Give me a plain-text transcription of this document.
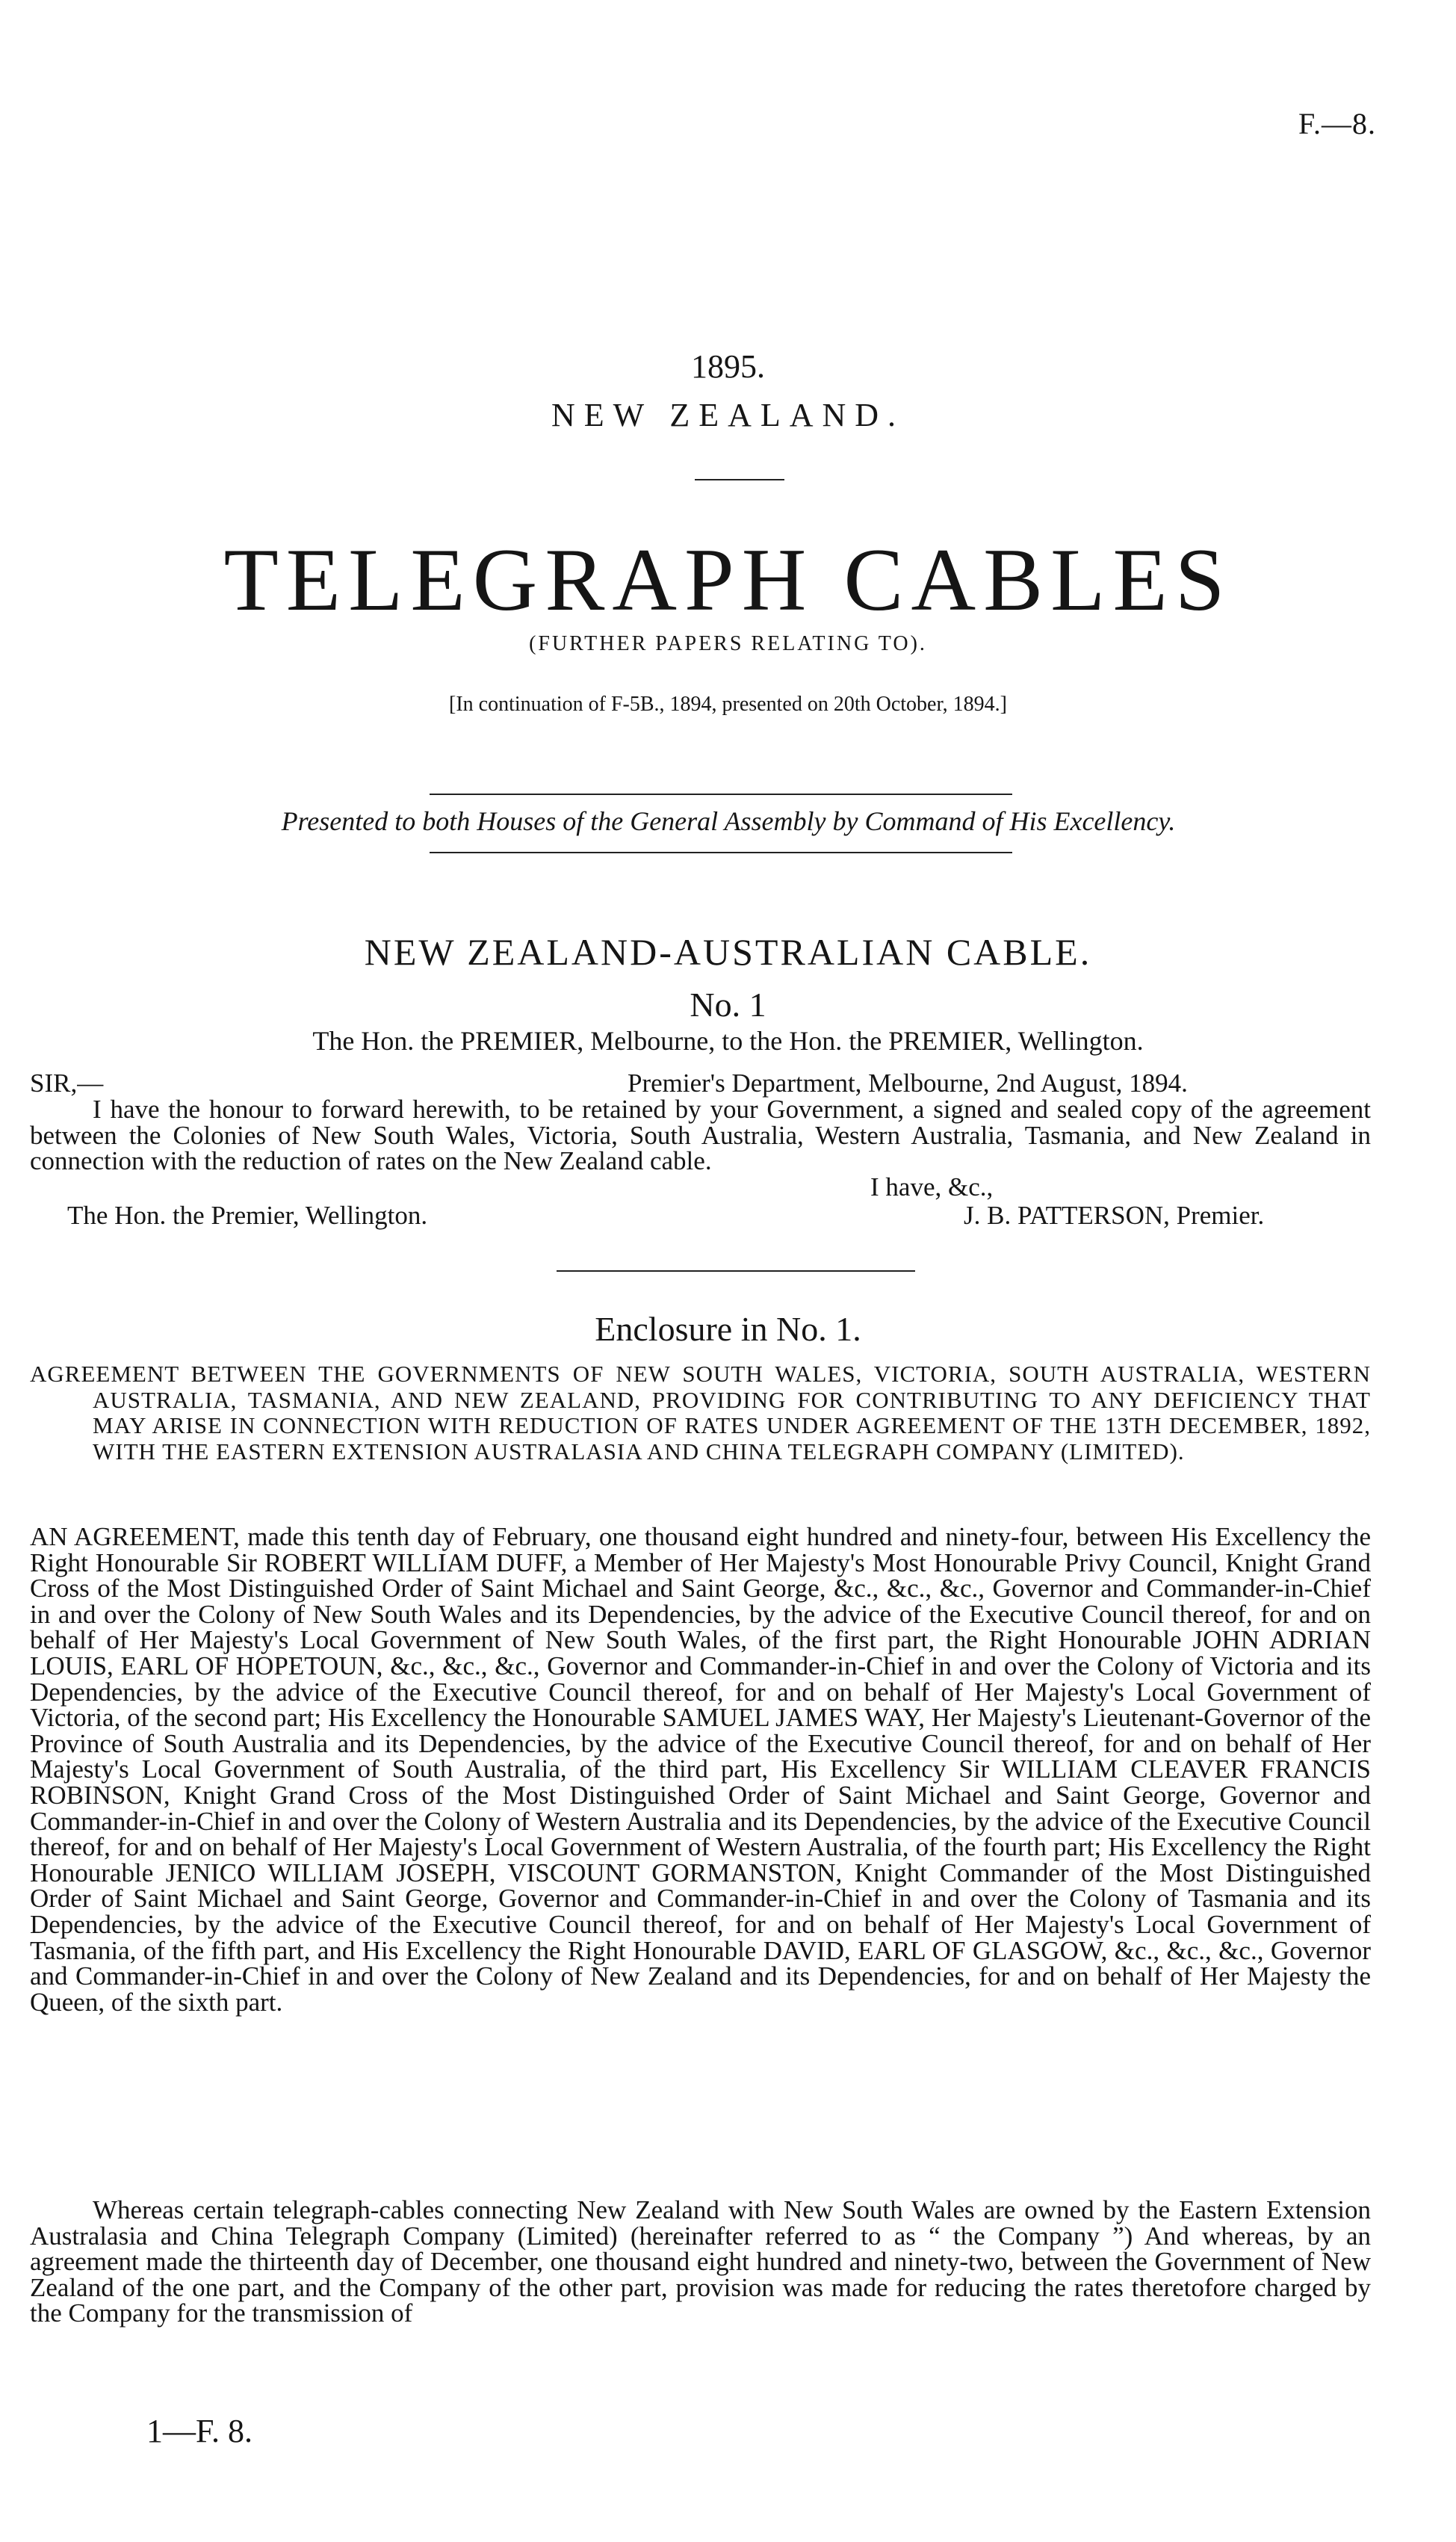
F.—8.
1895.
NEW ZEALAND.
TELEGRAPH CABLES
(FURTHER PAPERS RELATING TO).
[In continuation of F-5B., 1894, presented on 20th October, 1894.]
Presented to both Houses of the General Assembly by Command of His Excellency.
NEW ZEALAND-AUSTRALIAN CABLE.
No. 1
The Hon. the PREMIER, Melbourne, to the Hon. the PREMIER, Wellington.
SIR,—	Premier's Department, Melbourne, 2nd August, 1894.
I have the honour to forward herewith, to be retained by your Government, a signed and sealed copy of the agreement between the Colonies of New South Wales, Victoria, South Australia, Western Australia, Tasmania, and New Zealand in connection with the reduction of rates on the New Zealand cable.
I have, &c.,
The Hon. the Premier, Wellington.	J. B. PATTERSON, Premier.
Enclosure in No. 1.
AGREEMENT BETWEEN THE GOVERNMENTS OF NEW SOUTH WALES, VICTORIA, SOUTH AUSTRALIA, WESTERN AUSTRALIA, TASMANIA, AND NEW ZEALAND, PROVIDING FOR CONTRIBUTING TO ANY DEFICIENCY THAT MAY ARISE IN CONNECTION WITH REDUCTION OF RATES UNDER AGREEMENT OF THE 13TH DECEMBER, 1892, WITH THE EASTERN EXTENSION AUSTRALASIA AND CHINA TELEGRAPH COMPANY (LIMITED).
AN AGREEMENT, made this tenth day of February, one thousand eight hundred and ninety-four, between His Excellency the Right Honourable Sir ROBERT WILLIAM DUFF, a Member of Her Majesty's Most Honourable Privy Council, Knight Grand Cross of the Most Distinguished Order of Saint Michael and Saint George, &c., &c., &c., Governor and Commander-in-Chief in and over the Colony of New South Wales and its Dependencies, by the advice of the Executive Council thereof, for and on behalf of Her Majesty's Local Government of New South Wales, of the first part, the Right Honourable JOHN ADRIAN LOUIS, EARL OF HOPETOUN, &c., &c., &c., Governor and Commander-in-Chief in and over the Colony of Victoria and its Dependencies, by the advice of the Executive Council thereof, for and on behalf of Her Majesty's Local Government of Victoria, of the second part; His Excellency the Honourable SAMUEL JAMES WAY, Her Majesty's Lieutenant-Governor of the Province of South Australia and its Dependencies, by the advice of the Executive Council thereof, for and on behalf of Her Majesty's Local Government of South Australia, of the third part, His Excellency Sir WILLIAM CLEAVER FRANCIS ROBINSON, Knight Grand Cross of the Most Distinguished Order of Saint Michael and Saint George, Governor and Commander-in-Chief in and over the Colony of Western Australia and its Dependencies, by the advice of the Executive Council thereof, for and on behalf of Her Majesty's Local Government of Western Australia, of the fourth part; His Excellency the Right Honourable JENICO WILLIAM JOSEPH, VISCOUNT GORMANSTON, Knight Commander of the Most Distinguished Order of Saint Michael and Saint George, Governor and Commander-in-Chief in and over the Colony of Tasmania and its Dependencies, by the advice of the Executive Council thereof, for and on behalf of Her Majesty's Local Government of Tasmania, of the fifth part, and His Excellency the Right Honourable DAVID, EARL OF GLASGOW, &c., &c., &c., Governor and Commander-in-Chief in and over the Colony of New Zealand and its Dependencies, for and on behalf of Her Majesty the Queen, of the sixth part.
Whereas certain telegraph-cables connecting New Zealand with New South Wales are owned by the Eastern Extension Australasia and China Telegraph Company (Limited) (hereinafter referred to as “ the Company ”) And whereas, by an agreement made the thirteenth day of December, one thousand eight hundred and ninety-two, between the Government of New Zealand of the one part, and the Company of the other part, provision was made for reducing the rates theretofore charged by the Company for the transmission of
1—F. 8.
